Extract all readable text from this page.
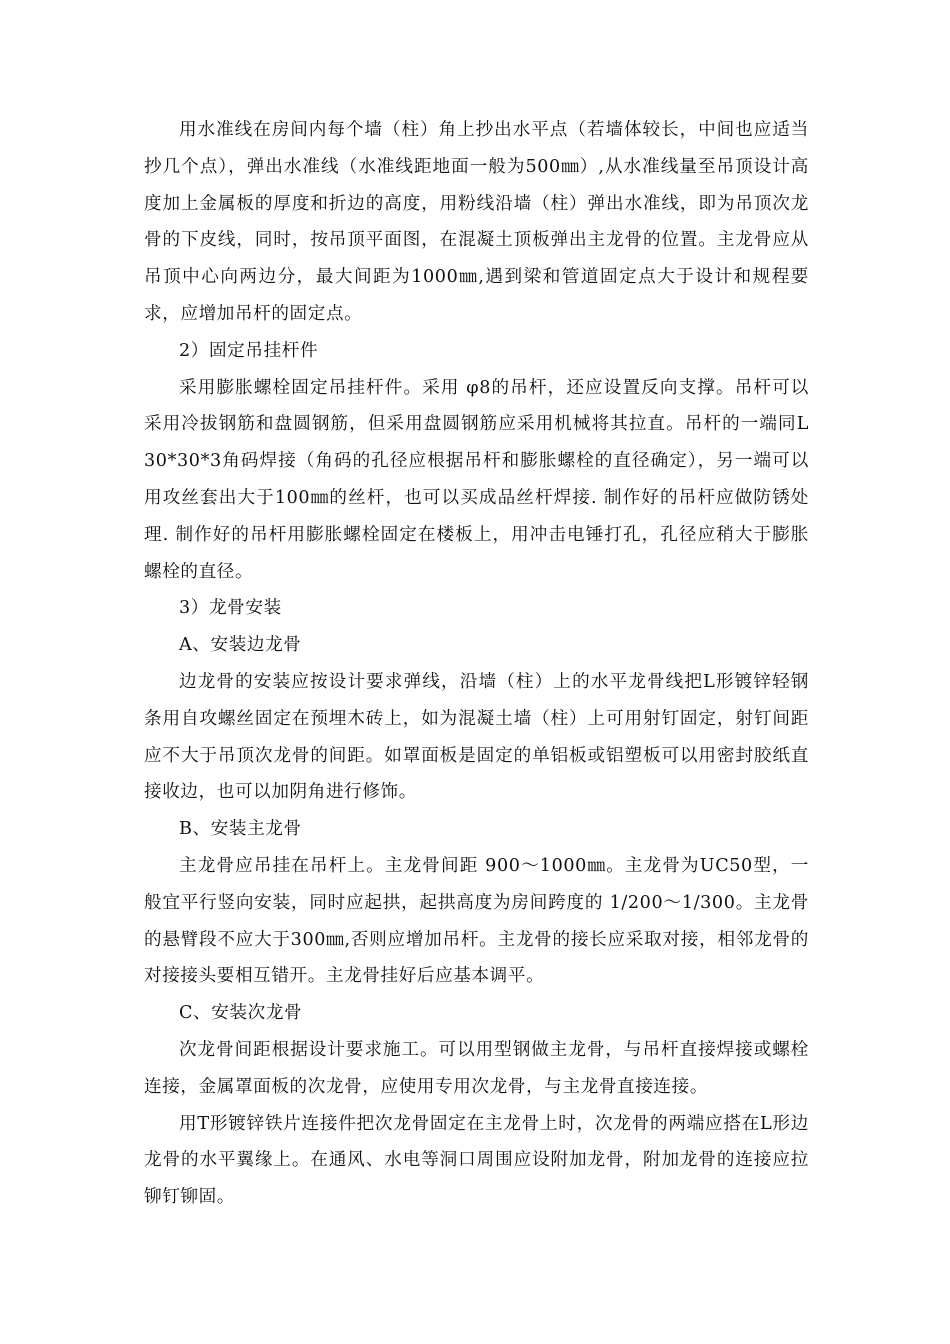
用水准线在房间内每个墙（柱）角上抄出水平点（若墙体较长，中间也应适当抄几个点），弹出水准线（水准线距地面一般为500㎜）,从水准线量至吊顶设计高度加上金属板的厚度和折边的高度，用粉线沿墙（柱）弹出水准线，即为吊顶次龙骨的下皮线，同时，按吊顶平面图，在混凝土顶板弹出主龙骨的位置。主龙骨应从吊顶中心向两边分，最大间距为1000㎜,遇到梁和管道固定点大于设计和规程要求，应增加吊杆的固定点。

2）固定吊挂杆件

采用膨胀螺栓固定吊挂杆件。采用 φ8的吊杆，还应设置反向支撑。吊杆可以采用冷拔钢筋和盘圆钢筋，但采用盘圆钢筋应采用机械将其拉直。吊杆的一端同L 30*30*3角码焊接（角码的孔径应根据吊杆和膨胀螺栓的直径确定），另一端可以用攻丝套出大于100㎜的丝杆，也可以买成品丝杆焊接. 制作好的吊杆应做防锈处理. 制作好的吊杆用膨胀螺栓固定在楼板上，用冲击电锤打孔，孔径应稍大于膨胀螺栓的直径。

3）龙骨安装

A、安装边龙骨

边龙骨的安装应按设计要求弹线，沿墙（柱）上的水平龙骨线把L形镀锌轻钢条用自攻螺丝固定在预埋木砖上，如为混凝土墙（柱）上可用射钉固定，射钉间距应不大于吊顶次龙骨的间距。如罩面板是固定的单铝板或铝塑板可以用密封胶纸直接收边，也可以加阴角进行修饰。

B、安装主龙骨

主龙骨应吊挂在吊杆上。主龙骨间距 900～1000㎜。主龙骨为UC50型，一般宜平行竖向安装，同时应起拱，起拱高度为房间跨度的 1/200～1/300。主龙骨的悬臂段不应大于300㎜,否则应增加吊杆。主龙骨的接长应采取对接，相邻龙骨的对接接头要相互错开。主龙骨挂好后应基本调平。

C、安装次龙骨

次龙骨间距根据设计要求施工。可以用型钢做主龙骨，与吊杆直接焊接或螺栓连接，金属罩面板的次龙骨，应使用专用次龙骨，与主龙骨直接连接。

用T形镀锌铁片连接件把次龙骨固定在主龙骨上时，次龙骨的两端应搭在L形边龙骨的水平翼缘上。在通风、水电等洞口周围应设附加龙骨，附加龙骨的连接应拉铆钉铆固。
